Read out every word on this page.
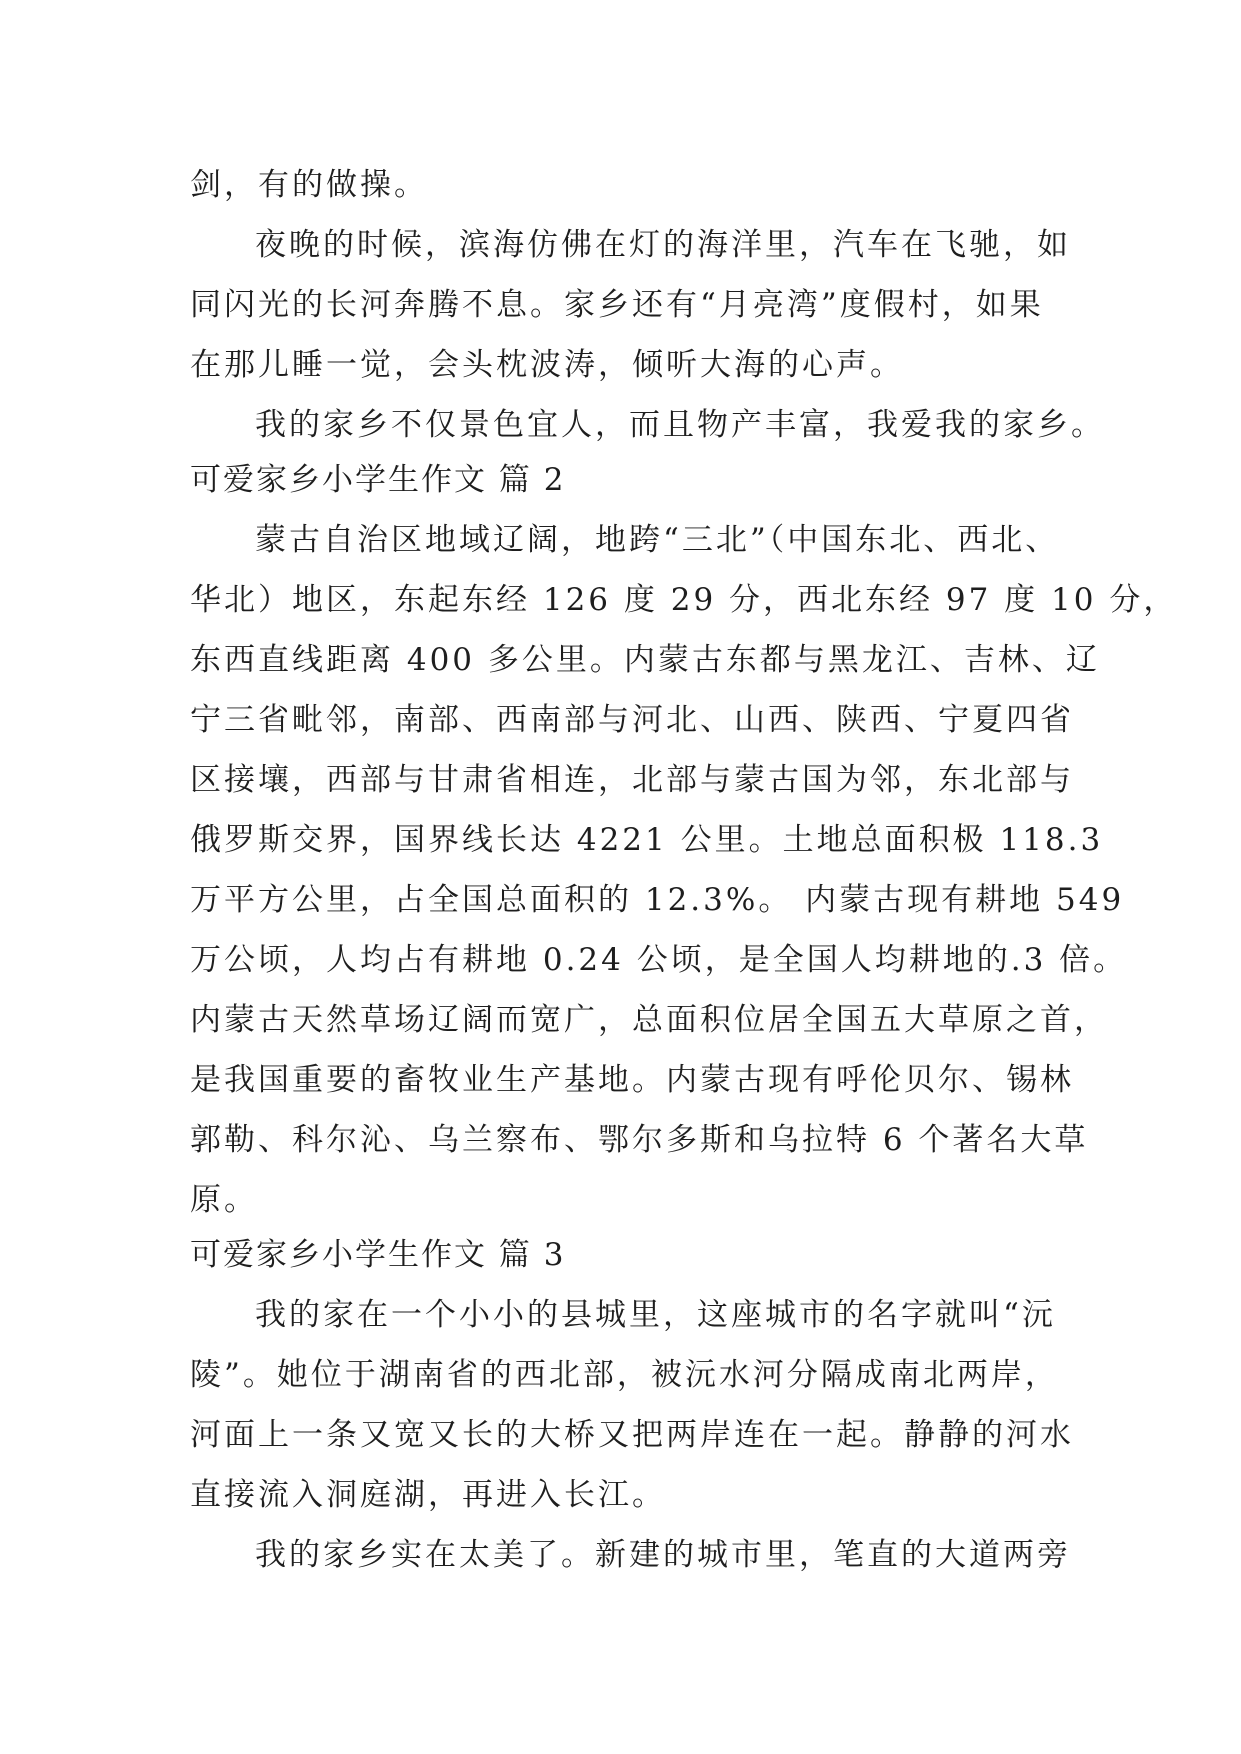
剑，有的做操。
夜晚的时候，滨海仿佛在灯的海洋里，汽车在飞驰，如
同闪光的长河奔腾不息。家乡还有“月亮湾”度假村，如果
在那儿睡一觉，会头枕波涛，倾听大海的心声。
我的家乡不仅景色宜人，而且物产丰富，我爱我的家乡。
可爱家乡小学生作文 篇 2
蒙古自治区地域辽阔，地跨“三北”（中国东北、西北、
华北）地区，东起东经 126 度 29 分，西北东经 97 度 10 分，
东西直线距离 400 多公里。内蒙古东都与黑龙江、吉林、辽
宁三省毗邻，南部、西南部与河北、山西、陕西、宁夏四省
区接壤，西部与甘肃省相连，北部与蒙古国为邻，东北部与
俄罗斯交界，国界线长达 4221 公里。土地总面积极 118.3
万平方公里，占全国总面积的 12.3%。 内蒙古现有耕地 549
万公顷，人均占有耕地 0.24 公顷，是全国人均耕地的.3 倍。
内蒙古天然草场辽阔而宽广，总面积位居全国五大草原之首，
是我国重要的畜牧业生产基地。内蒙古现有呼伦贝尔、锡林
郭勒、科尔沁、乌兰察布、鄂尔多斯和乌拉特 6 个著名大草
原。
可爱家乡小学生作文 篇 3
我的家在一个小小的县城里，这座城市的名字就叫“沅
陵”。她位于湖南省的西北部，被沅水河分隔成南北两岸，
河面上一条又宽又长的大桥又把两岸连在一起。静静的河水
直接流入洞庭湖，再进入长江。
我的家乡实在太美了。新建的城市里，笔直的大道两旁
